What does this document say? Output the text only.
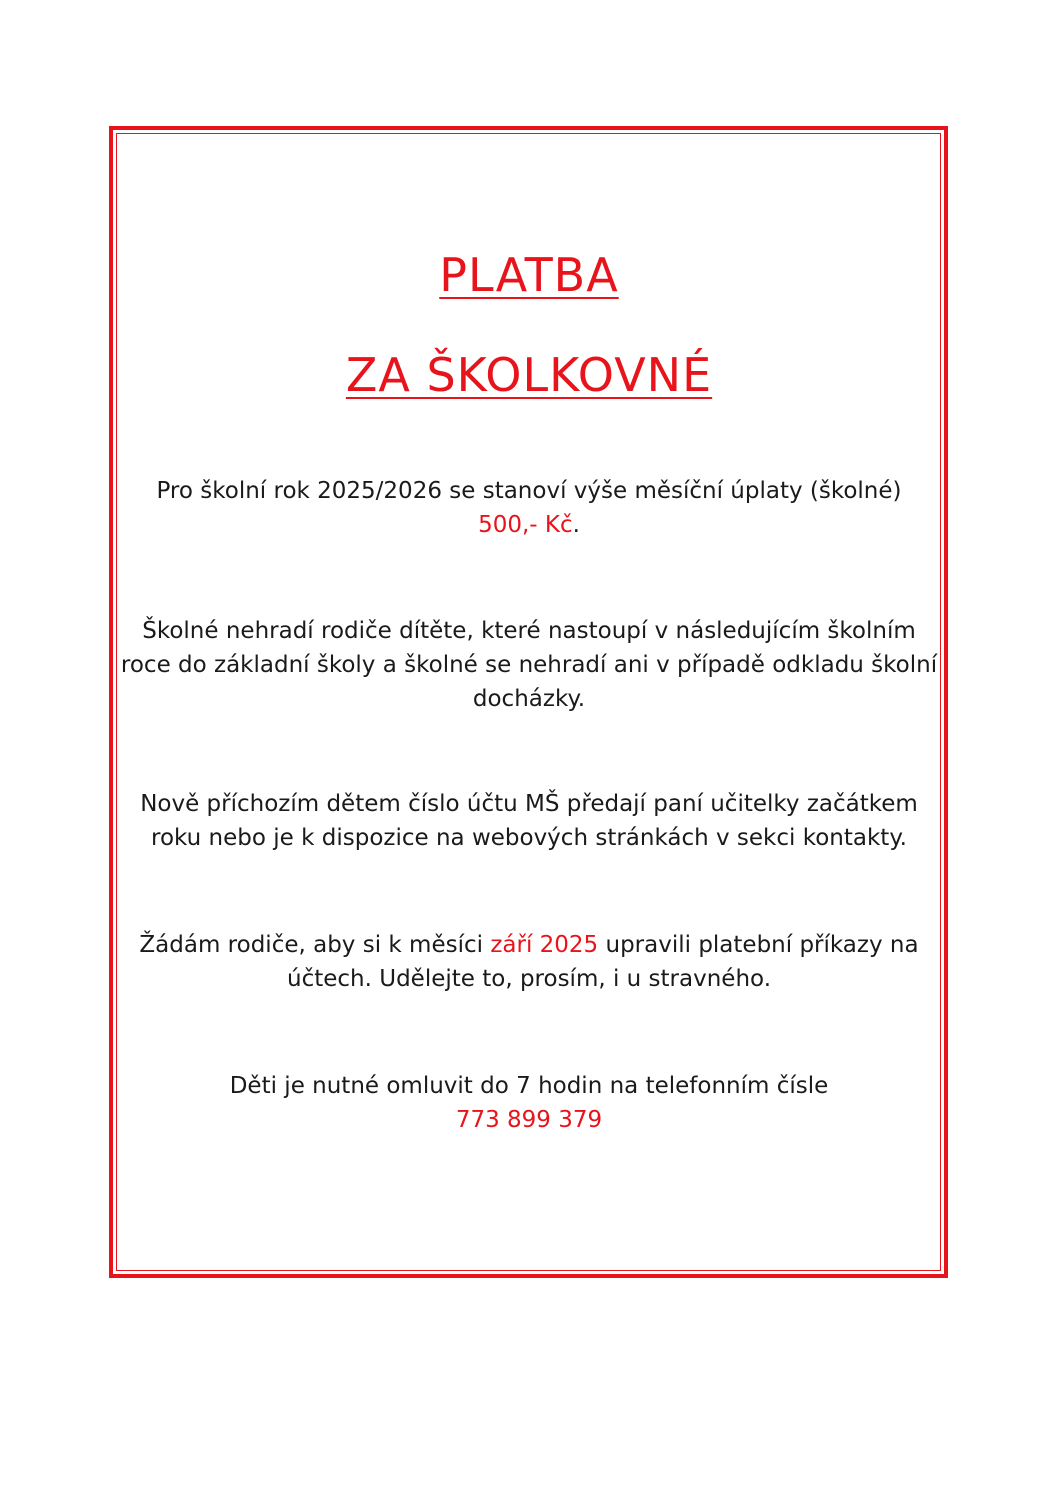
PLATBA
ZA ŠKOLKOVNÉ

Pro školní rok 2025/2026 se stanoví výše měsíční úplaty (školné)
500,- Kč.

Školné nehradí rodiče dítěte, které nastoupí v následujícím školním roce do základní školy a školné se nehradí ani v případě odkladu školní docházky.

Nově příchozím dětem číslo účtu MŠ předají paní učitelky začátkem roku nebo je k dispozice na webových stránkách v sekci kontakty.

Žádám rodiče, aby si k měsíci září 2025 upravili platební příkazy na účtech. Udělejte to, prosím, i u stravného.

Děti je nutné omluvit do 7 hodin na telefonním čísle
773 899 379
